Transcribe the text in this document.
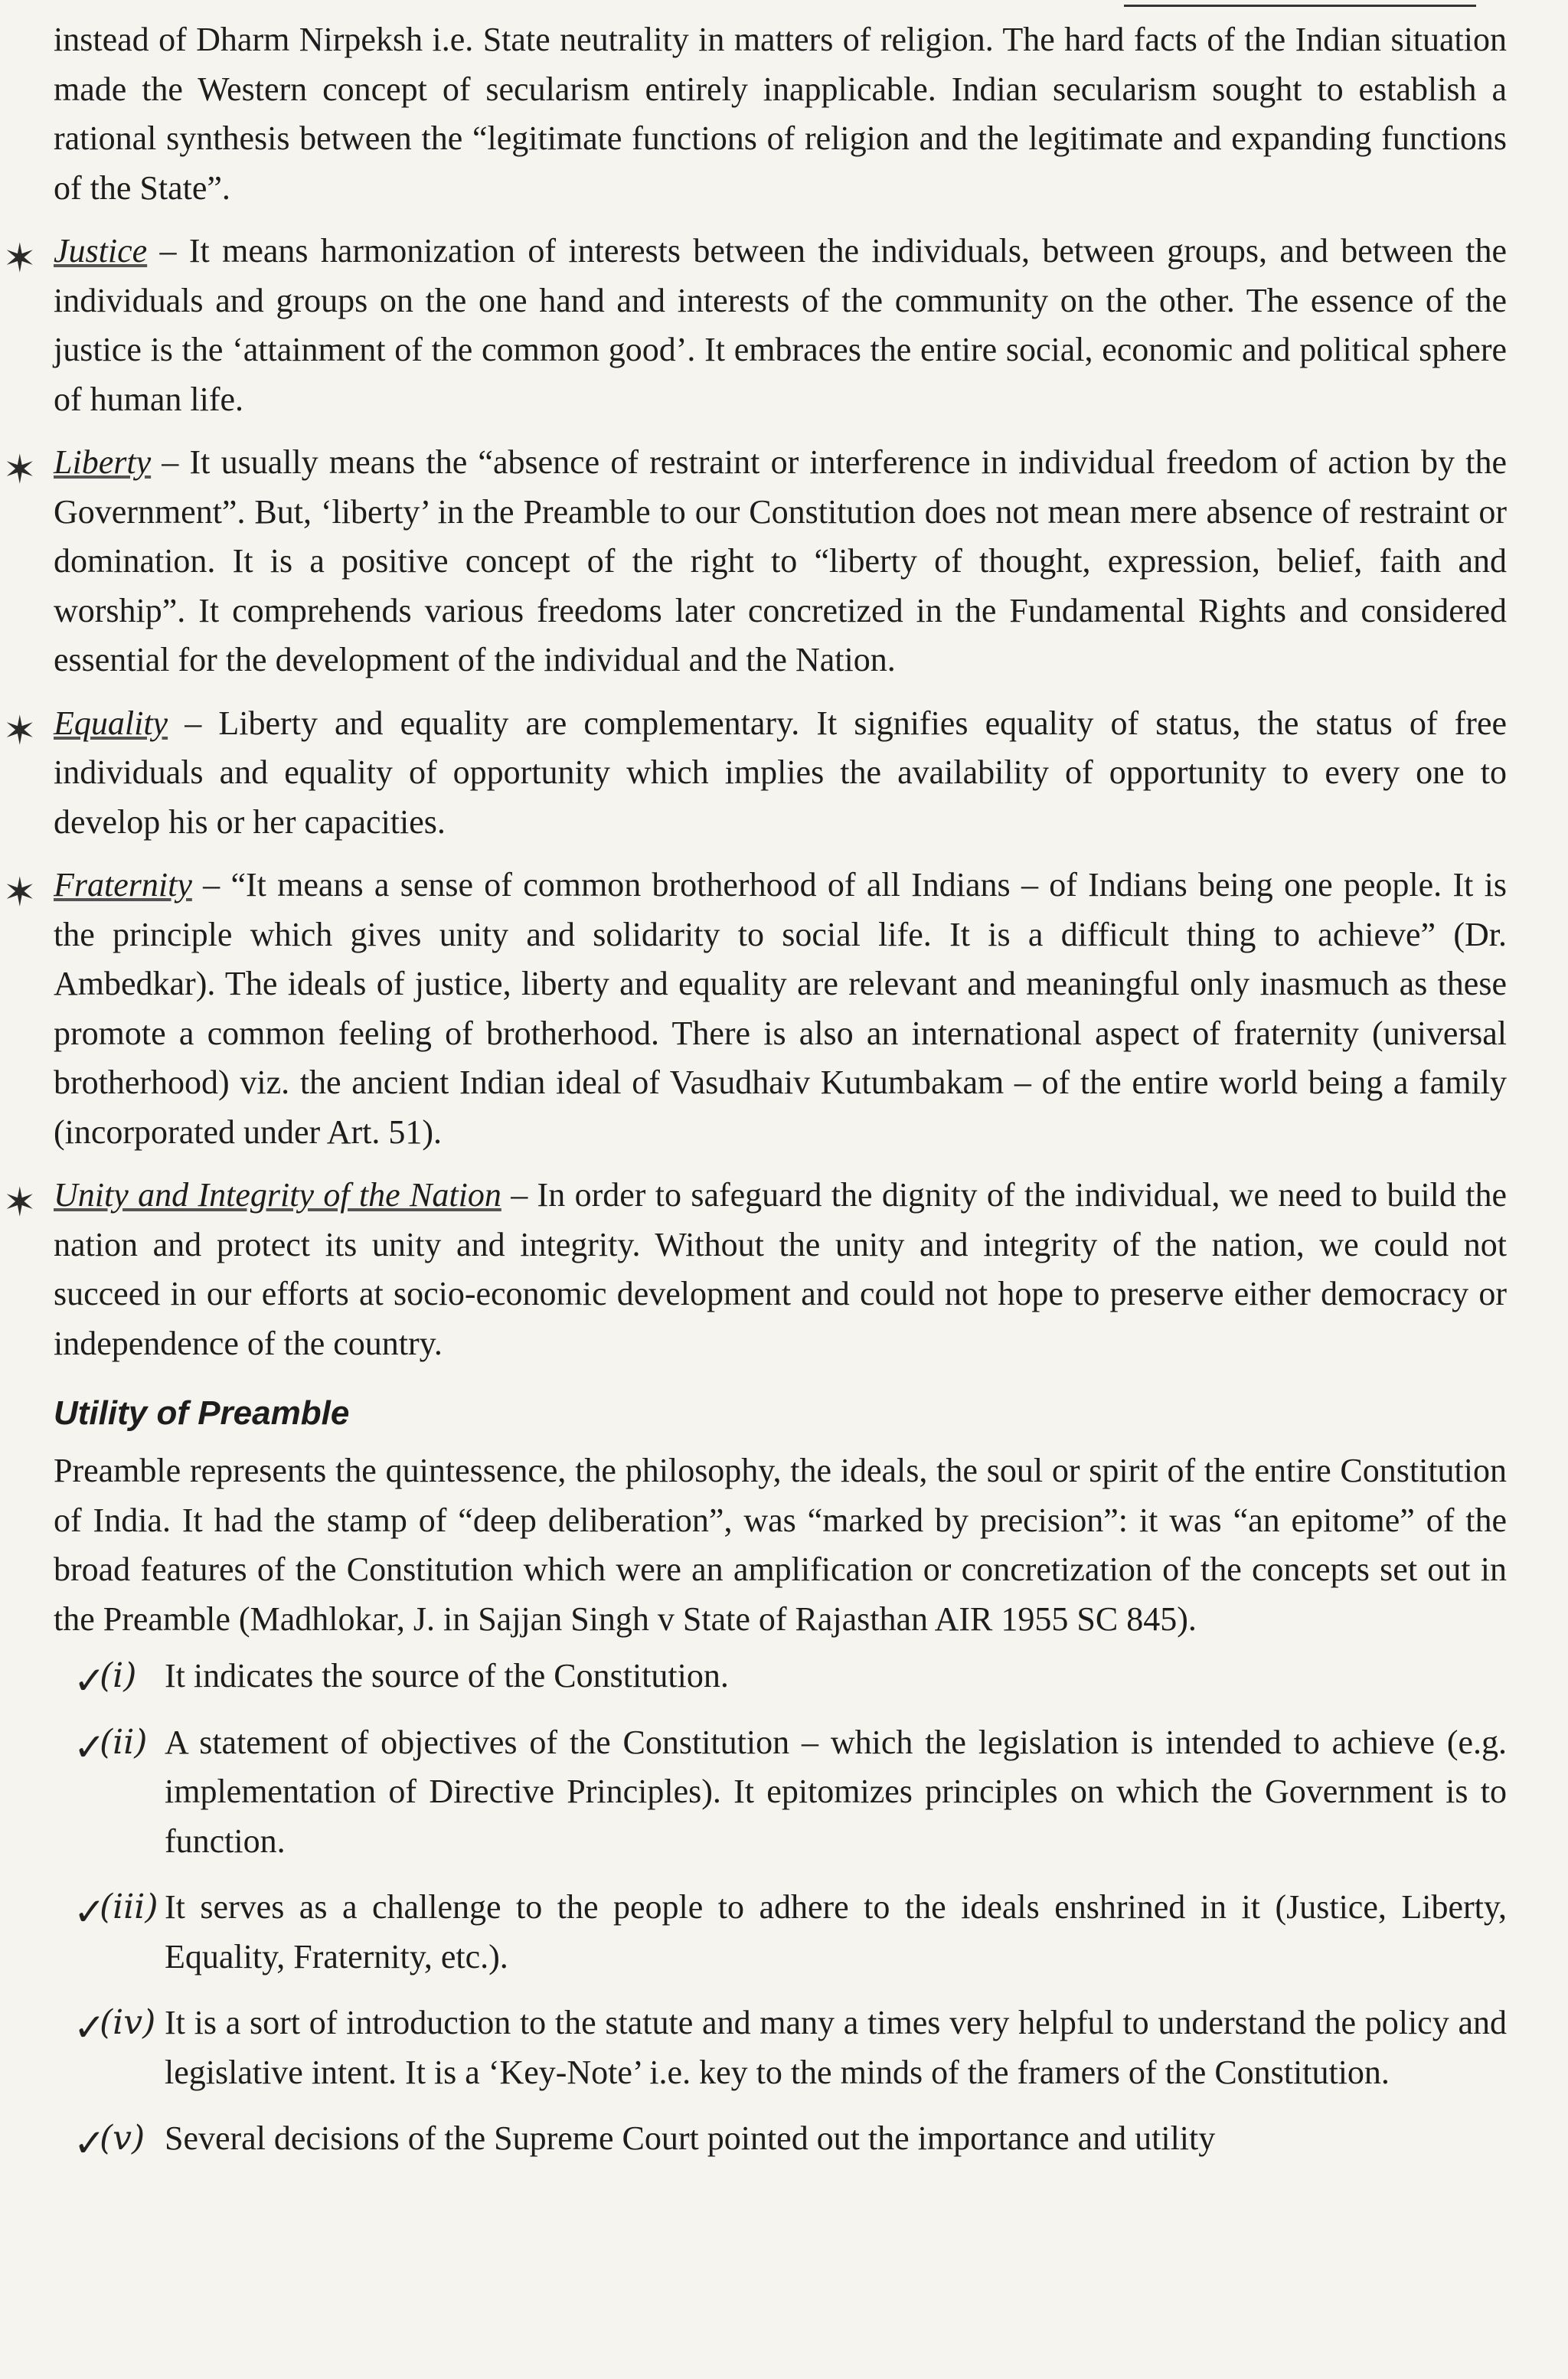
instead of Dharm Nirpeksh i.e. State neutrality in matters of religion. The hard facts of the Indian situation made the Western concept of secularism entirely inapplicable. Indian secularism sought to establish a rational synthesis between the “legitimate functions of religion and the legitimate and expanding functions of the State”.

✶ Justice – It means harmonization of interests between the individuals, between groups, and between the individuals and groups on the one hand and interests of the community on the other. The essence of the justice is the ‘attainment of the common good’. It embraces the entire social, economic and political sphere of human life.

✶ Liberty – It usually means the “absence of restraint or interference in individual freedom of action by the Government”. But, ‘liberty’ in the Preamble to our Constitution does not mean mere absence of restraint or domination. It is a positive concept of the right to “liberty of thought, expression, belief, faith and worship”. It comprehends various freedoms later concretized in the Fundamental Rights and considered essential for the development of the individual and the Nation.

✶ Equality – Liberty and equality are complementary. It signifies equality of status, the status of free individuals and equality of opportunity which implies the availability of opportunity to every one to develop his or her capacities.

✶ Fraternity – “It means a sense of common brotherhood of all Indians – of Indians being one people. It is the principle which gives unity and solidarity to social life. It is a difficult thing to achieve” (Dr. Ambedkar). The ideals of justice, liberty and equality are relevant and meaningful only inasmuch as these promote a common feeling of brotherhood. There is also an international aspect of fraternity (universal brotherhood) viz. the ancient Indian ideal of Vasudhaiv Kutumbakam – of the entire world being a family (incorporated under Art. 51).

✶ Unity and Integrity of the Nation – In order to safeguard the dignity of the individual, we need to build the nation and protect its unity and integrity. Without the unity and integrity of the nation, we could not succeed in our efforts at socio-economic development and could not hope to preserve either democracy or independence of the country.

Utility of Preamble

Preamble represents the quintessence, the philosophy, the ideals, the soul or spirit of the entire Constitution of India. It had the stamp of “deep deliberation”, was “marked by precision”: it was “an epitome” of the broad features of the Constitution which were an amplification or concretization of the concepts set out in the Preamble (Madhlokar, J. in Sajjan Singh v State of Rajasthan AIR 1955 SC 845).

✓
(i) It indicates the source of the Constitution.
✓
(ii) A statement of objectives of the Constitution – which the legislation is intended to achieve (e.g. implementation of Directive Principles). It epitomizes principles on which the Government is to function.
✓
(iii) It serves as a challenge to the people to adhere to the ideals enshrined in it (Justice, Liberty, Equality, Fraternity, etc.).
✓
(iv) It is a sort of introduction to the statute and many a times very helpful to understand the policy and legislative intent. It is a ‘Key-Note’ i.e. key to the minds of the framers of the Constitution.
✓
(v) Several decisions of the Supreme Court pointed out the importance and utility
